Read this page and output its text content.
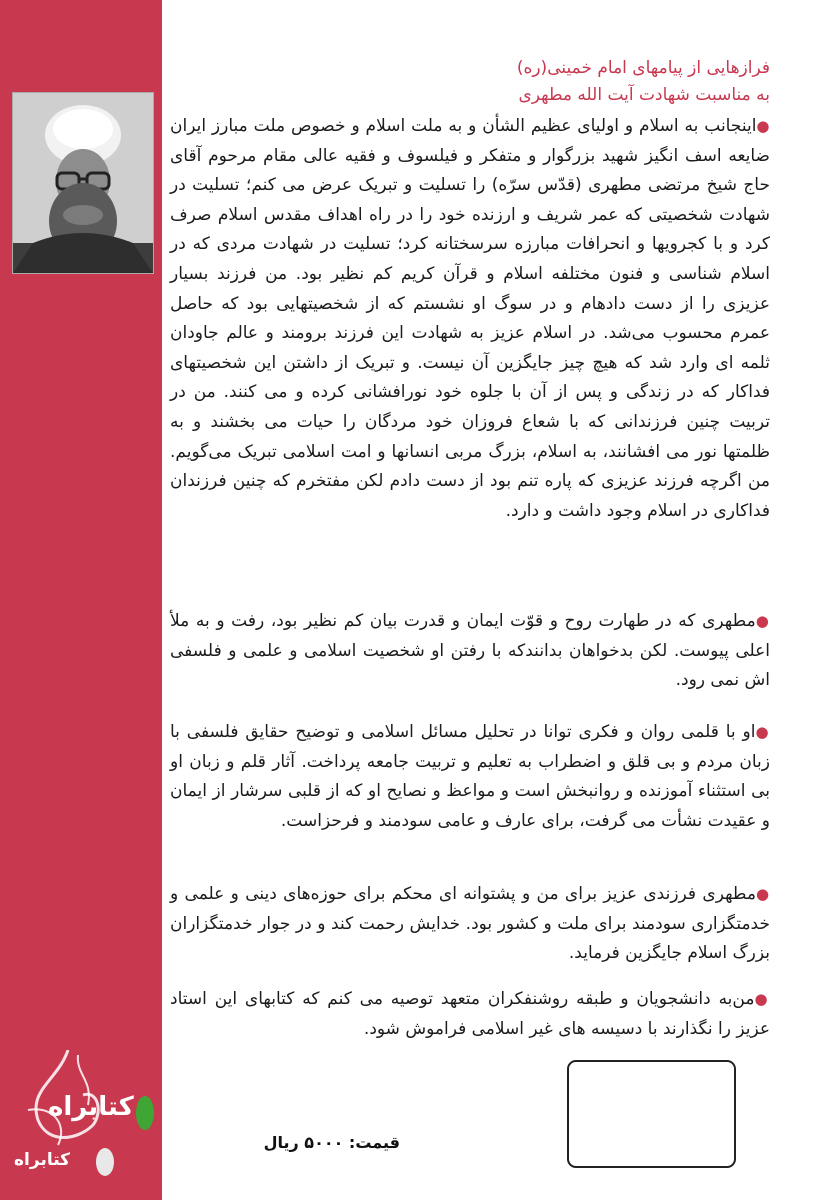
فرازهایی از پیامهای امام خمینی(ره)
به مناسبت شهادت آیت الله مطهری
●اینجانب به اسلام و اولیای عظیم الشأن و به ملت اسلام و خصوص ملت مبارز ایران ضایعه اسف انگیز شهید بزرگوار و متفکر و فیلسوف و فقیه عالی مقام مرحوم آقای حاج شیخ مرتضی مطهری (قدّس سرّه) را تسلیت و تبریک عرض می کنم؛ تسلیت در شهادت شخصیتی که عمر شریف و ارزنده خود را در راه اهداف مقدس اسلام صرف کرد و با کجرویها و انحرافات مبارزه سرسختانه کرد؛ تسلیت در شهادت مردی که در اسلام شناسی و فنون مختلفه اسلام و قرآن کریم کم نظیر بود. من فرزند بسیار عزیزی را از دست دادهام و در سوگ او نشستم که از شخصیتهایی بود که حاصل عمرم محسوب می‌شد. در اسلام عزیز به شهادت این فرزند برومند و عالم جاودان ثلمه ای وارد شد که هیچ چیز جایگزین آن نیست. و تبریک از داشتن این شخصیتهای فداکار که در زندگی و پس از آن با جلوه خود نورافشانی کرده و می کنند. من در تربیت چنین فرزندانی که با شعاع فروزان خود مردگان را حیات می بخشند و به ظلمتها نور می افشانند، به اسلام، بزرگ مربی انسانها و امت اسلامی تبریک می‌گویم. من اگرچه فرزند عزیزی که پاره تنم بود از دست دادم لکن مفتخرم که چنین فرزندان فداکاری در اسلام وجود داشت و دارد.
●مطهری که در طهارت روح و قوّت ایمان و قدرت بیان کم نظیر بود، رفت و به ملأ اعلی پیوست. لکن بدخواهان بدانندکه با رفتن او شخصیت اسلامی و علمی و فلسفی اش نمی رود.
●او با قلمی روان و فکری توانا در تحلیل مسائل اسلامی و توضیح حقایق فلسفی با زبان مردم و بی قلق و اضطراب به تعلیم و تربیت جامعه پرداخت. آثار قلم و زبان او بی استثناء آموزنده و روانبخش است و مواعظ و نصایح او که از قلبی سرشار از ایمان و عقیدت نشأت می گرفت، برای عارف و عامی سودمند و فرحزاست.
●مطهری فرزندی عزیز برای من و پشتوانه ای محکم برای حوزه‌های دینی و علمی و خدمتگزاری سودمند برای ملت و کشور بود. خدایش رحمت کند و در جوار خدمتگزاران بزرگ اسلام جایگزین فرماید.
●من‌به دانشجویان و طبقه روشنفکران متعهد توصیه می کنم که کتابهای این استاد عزیز را نگذارند با دسیسه های غیر اسلامی فراموش شود.
قیمت: ۵۰۰۰ ریال
کتابراه
کتابراه
